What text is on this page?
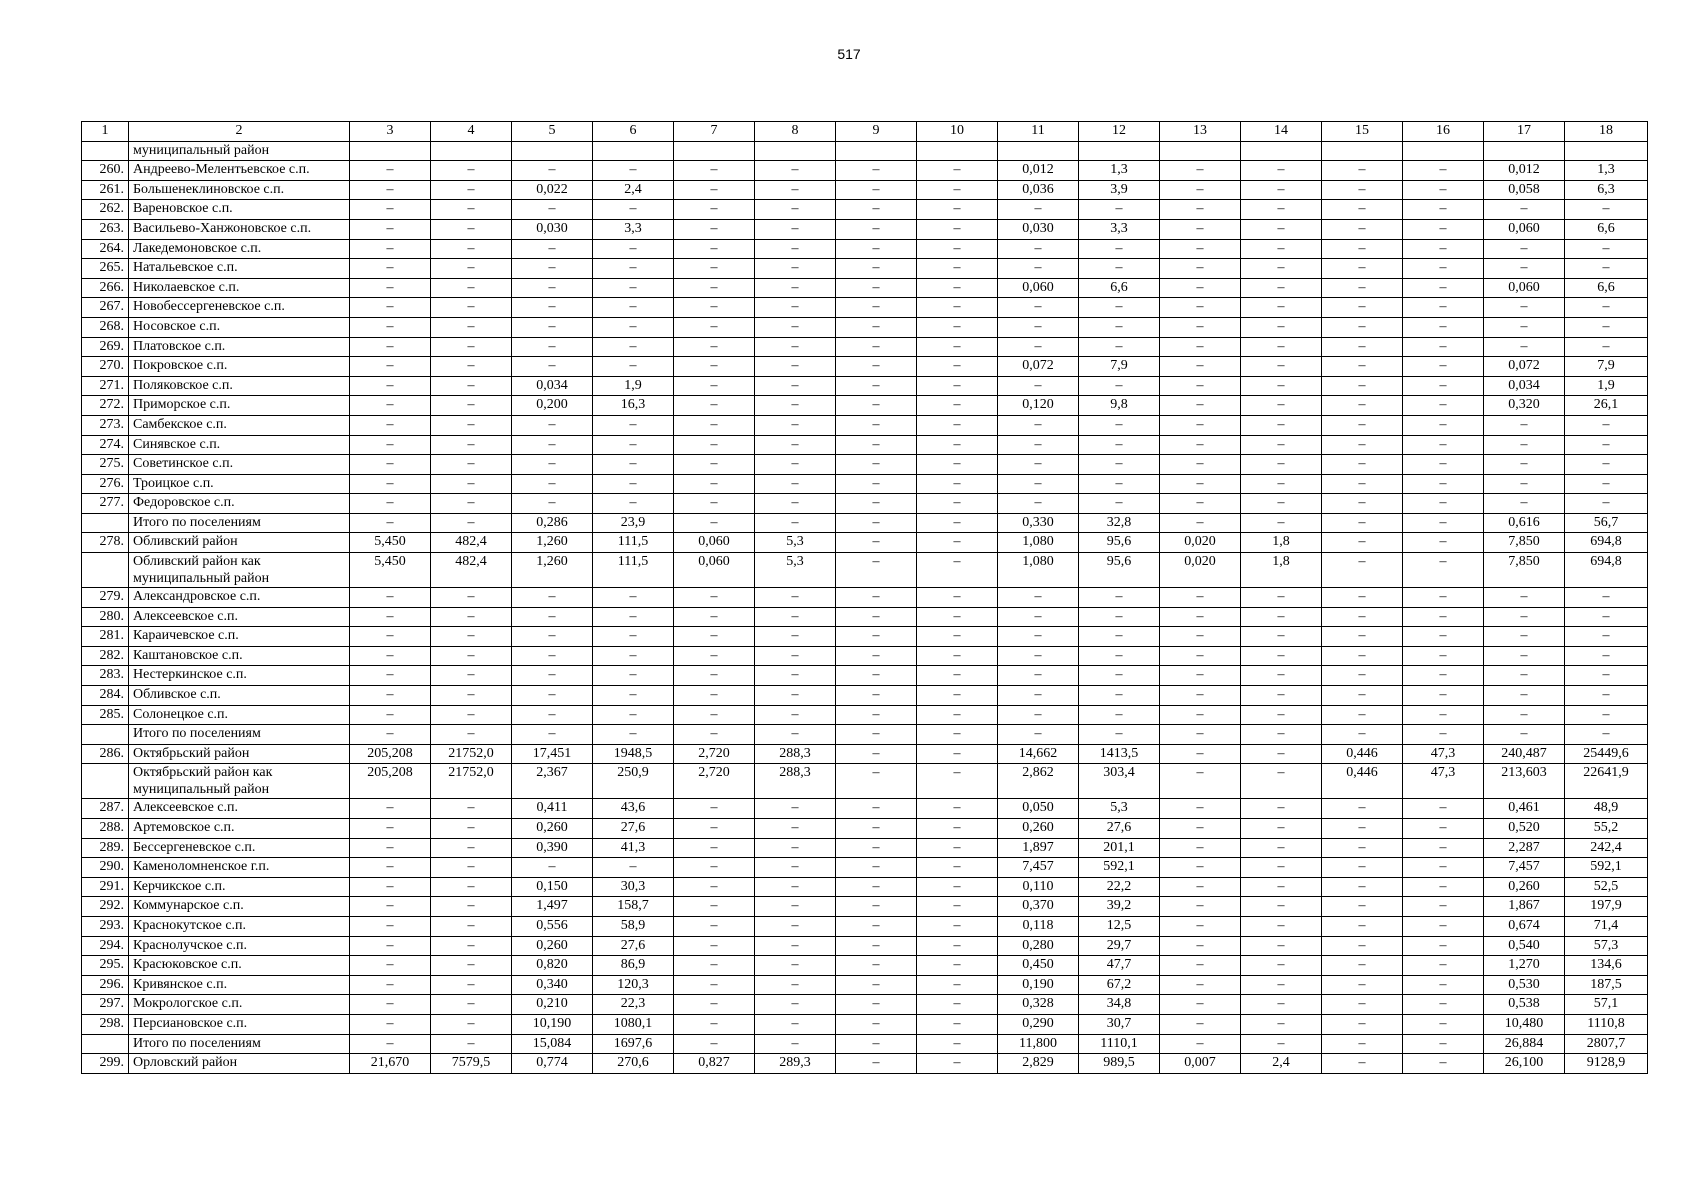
517
1	2	3	4	5	6	7	8	9	10	11	12	13	14	15	16	17	18
	муниципальный район																
260.	Андреево-Мелентьевское с.п.	–	–	–	–	–	–	–	–	0,012	1,3	–	–	–	–	0,012	1,3
261.	Большенеклиновское с.п.	–	–	0,022	2,4	–	–	–	–	0,036	3,9	–	–	–	–	0,058	6,3
262.	Вареновское с.п.	–	–	–	–	–	–	–	–	–	–	–	–	–	–	–	–
263.	Васильево-Ханжоновское с.п.	–	–	0,030	3,3	–	–	–	–	0,030	3,3	–	–	–	–	0,060	6,6
264.	Лакедемоновское с.п.	–	–	–	–	–	–	–	–	–	–	–	–	–	–	–	–
265.	Натальевское с.п.	–	–	–	–	–	–	–	–	–	–	–	–	–	–	–	–
266.	Николаевское с.п.	–	–	–	–	–	–	–	–	0,060	6,6	–	–	–	–	0,060	6,6
267.	Новобессергеневское с.п.	–	–	–	–	–	–	–	–	–	–	–	–	–	–	–	–
268.	Носовское с.п.	–	–	–	–	–	–	–	–	–	–	–	–	–	–	–	–
269.	Платовское с.п.	–	–	–	–	–	–	–	–	–	–	–	–	–	–	–	–
270.	Покровское с.п.	–	–	–	–	–	–	–	–	0,072	7,9	–	–	–	–	0,072	7,9
271.	Поляковское с.п.	–	–	0,034	1,9	–	–	–	–	–	–	–	–	–	–	0,034	1,9
272.	Приморское с.п.	–	–	0,200	16,3	–	–	–	–	0,120	9,8	–	–	–	–	0,320	26,1
273.	Самбекское с.п.	–	–	–	–	–	–	–	–	–	–	–	–	–	–	–	–
274.	Синявское с.п.	–	–	–	–	–	–	–	–	–	–	–	–	–	–	–	–
275.	Советинское с.п.	–	–	–	–	–	–	–	–	–	–	–	–	–	–	–	–
276.	Троицкое с.п.	–	–	–	–	–	–	–	–	–	–	–	–	–	–	–	–
277.	Федоровское с.п.	–	–	–	–	–	–	–	–	–	–	–	–	–	–	–	–
	Итого по поселениям	–	–	0,286	23,9	–	–	–	–	0,330	32,8	–	–	–	–	0,616	56,7
278.	Обливский район	5,450	482,4	1,260	111,5	0,060	5,3	–	–	1,080	95,6	0,020	1,8	–	–	7,850	694,8
	Обливский район как муниципальный район	5,450	482,4	1,260	111,5	0,060	5,3	–	–	1,080	95,6	0,020	1,8	–	–	7,850	694,8
279.	Александровское с.п.	–	–	–	–	–	–	–	–	–	–	–	–	–	–	–	–
280.	Алексеевское с.п.	–	–	–	–	–	–	–	–	–	–	–	–	–	–	–	–
281.	Караичевское с.п.	–	–	–	–	–	–	–	–	–	–	–	–	–	–	–	–
282.	Каштановское с.п.	–	–	–	–	–	–	–	–	–	–	–	–	–	–	–	–
283.	Нестеркинское с.п.	–	–	–	–	–	–	–	–	–	–	–	–	–	–	–	–
284.	Обливское с.п.	–	–	–	–	–	–	–	–	–	–	–	–	–	–	–	–
285.	Солонецкое с.п.	–	–	–	–	–	–	–	–	–	–	–	–	–	–	–	–
	Итого по поселениям	–	–	–	–	–	–	–	–	–	–	–	–	–	–	–	–
286.	Октябрьский район	205,208	21752,0	17,451	1948,5	2,720	288,3	–	–	14,662	1413,5	–	–	0,446	47,3	240,487	25449,6
	Октябрьский район как муниципальный район	205,208	21752,0	2,367	250,9	2,720	288,3	–	–	2,862	303,4	–	–	0,446	47,3	213,603	22641,9
287.	Алексеевское с.п.	–	–	0,411	43,6	–	–	–	–	0,050	5,3	–	–	–	–	0,461	48,9
288.	Артемовское с.п.	–	–	0,260	27,6	–	–	–	–	0,260	27,6	–	–	–	–	0,520	55,2
289.	Бессергеневское с.п.	–	–	0,390	41,3	–	–	–	–	1,897	201,1	–	–	–	–	2,287	242,4
290.	Каменоломненское г.п.	–	–	–	–	–	–	–	–	7,457	592,1	–	–	–	–	7,457	592,1
291.	Керчикское с.п.	–	–	0,150	30,3	–	–	–	–	0,110	22,2	–	–	–	–	0,260	52,5
292.	Коммунарское с.п.	–	–	1,497	158,7	–	–	–	–	0,370	39,2	–	–	–	–	1,867	197,9
293.	Краснокутское с.п.	–	–	0,556	58,9	–	–	–	–	0,118	12,5	–	–	–	–	0,674	71,4
294.	Краснолучское с.п.	–	–	0,260	27,6	–	–	–	–	0,280	29,7	–	–	–	–	0,540	57,3
295.	Красюковское с.п.	–	–	0,820	86,9	–	–	–	–	0,450	47,7	–	–	–	–	1,270	134,6
296.	Кривянское с.п.	–	–	0,340	120,3	–	–	–	–	0,190	67,2	–	–	–	–	0,530	187,5
297.	Мокрологское с.п.	–	–	0,210	22,3	–	–	–	–	0,328	34,8	–	–	–	–	0,538	57,1
298.	Персиановское с.п.	–	–	10,190	1080,1	–	–	–	–	0,290	30,7	–	–	–	–	10,480	1110,8
	Итого по поселениям	–	–	15,084	1697,6	–	–	–	–	11,800	1110,1	–	–	–	–	26,884	2807,7
299.	Орловский район	21,670	7579,5	0,774	270,6	0,827	289,3	–	–	2,829	989,5	0,007	2,4	–	–	26,100	9128,9
